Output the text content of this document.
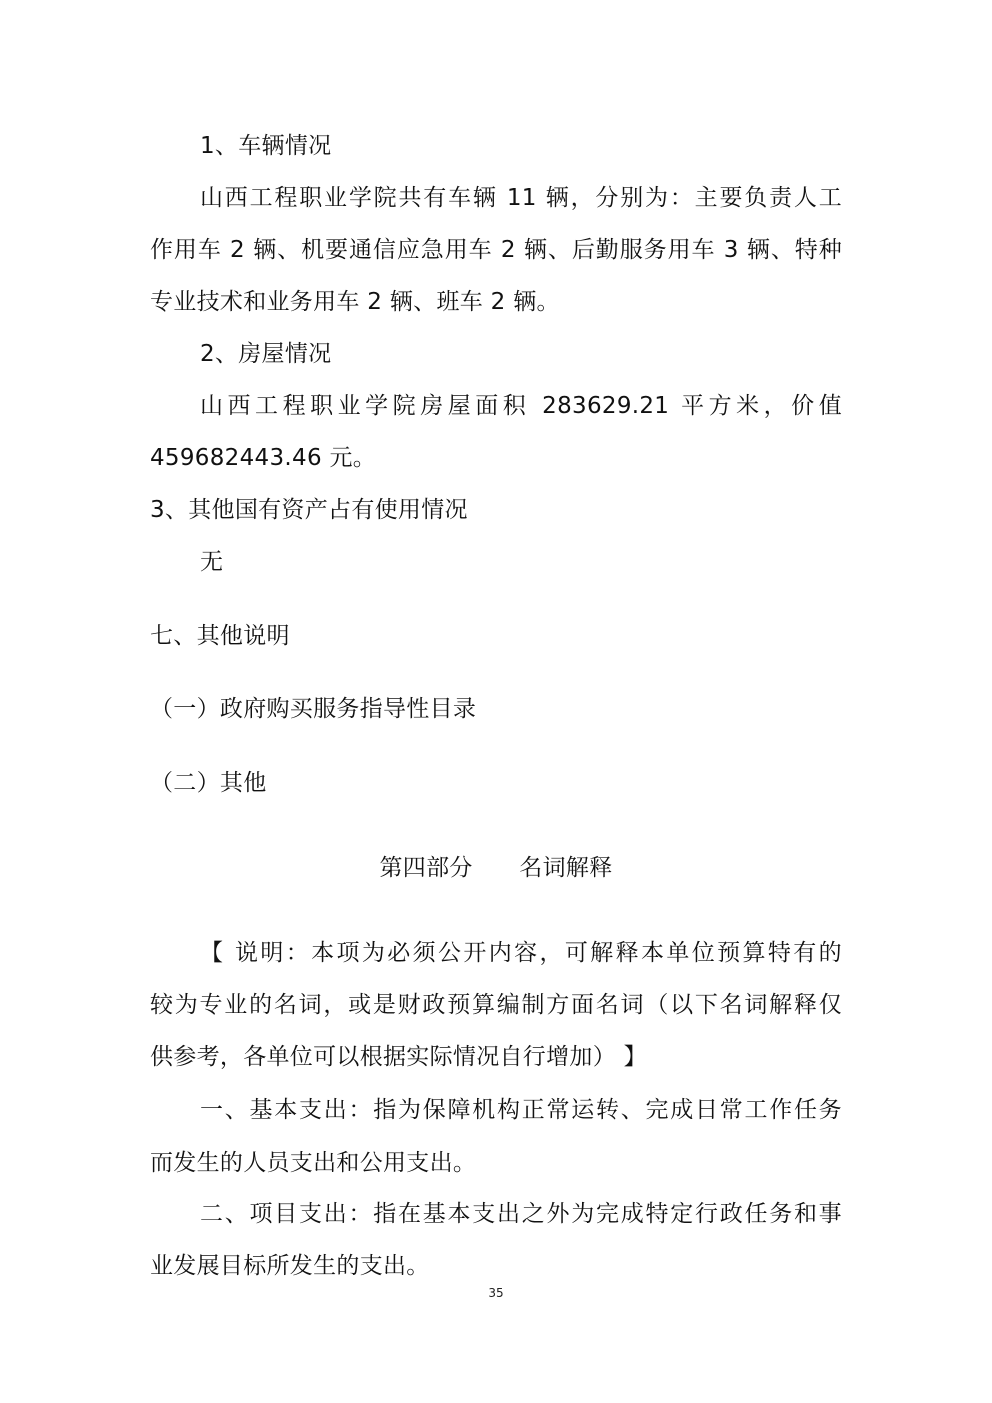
1、车辆情况
山西工程职业学院共有车辆 11 辆，分别为：主要负责人工
作用车 2 辆、机要通信应急用车 2 辆、后勤服务用车 3 辆、特种
专业技术和业务用车 2 辆、班车 2 辆。
2、房屋情况
山西工程职业学院房屋面积 283629.21 平方米，价值
459682443.46 元。
3、其他国有资产占有使用情况
无
七、其他说明
（一）政府购买服务指导性目录
（二）其他
第四部分　　名词解释
【 说明：本项为必须公开内容，可解释本单位预算特有的
较为专业的名词，或是财政预算编制方面名词（以下名词解释仅
供参考，各单位可以根据实际情况自行增加） 】
一、基本支出：指为保障机构正常运转、完成日常工作任务
而发生的人员支出和公用支出。
二、项目支出：指在基本支出之外为完成特定行政任务和事
业发展目标所发生的支出。
35
